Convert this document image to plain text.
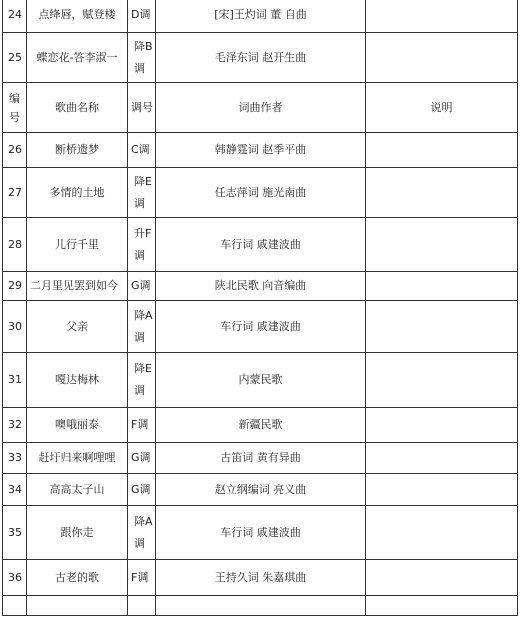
24	点绛唇，赋登楼	D调	[宋]王灼词 董 自曲	
25	蝶恋花-答李淑一	降B调	毛泽东词 赵开生曲	
编号	歌曲名称	调号	词曲作者	说明
26	断桥遗梦	C调	韩静霆词 赵季平曲	
27	多情的土地	降E调	任志萍词 施光南曲	
28	儿行千里	升F调	车行词 戚建波曲	
29	二月里见罢到如今	G调	陕北民歌 向音编曲	
30	父亲	降A调	车行词 戚建波曲	
31	嘎达梅林	降E调	内蒙民歌	
32	噢哦丽泰	F调	新疆民歌	
33	赶圩归来啊哩哩	G调	古笛词 黄有异曲	
34	高高太子山	G调	赵立纲编词 亮义曲	
35	跟你走	降A调	车行词 戚建波曲	
36	古老的歌	F调	王持久词 朱嘉琪曲	
